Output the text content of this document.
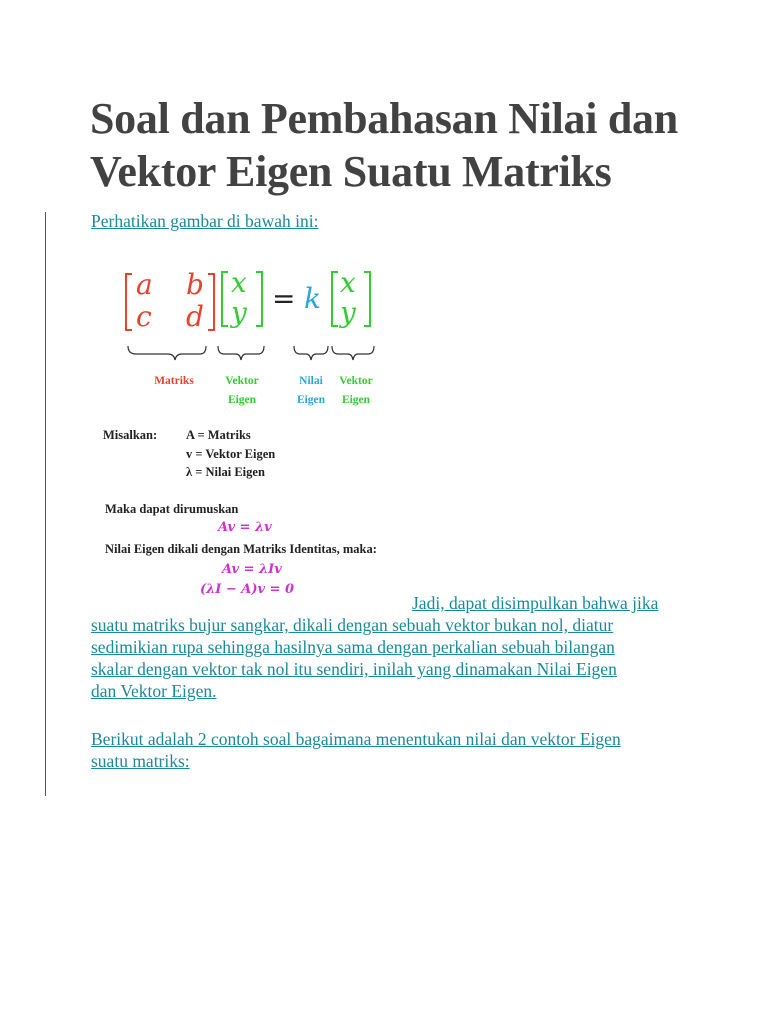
Soal dan Pembahasan Nilai dan Vektor Eigen Suatu Matriks
Perhatikan gambar di bawah ini:
a b
c d
x
y = k x
y
Matriks	Vektor
Eigen
Nilai
Eigen
Vektor
Eigen
Misalkan: A = Matriks
v = Vektor Eigen
λ = Nilai Eigen
Maka dapat dirumuskan
Av = λv
Nilai Eigen dikali dengan Matriks Identitas, maka:
Av = λIv
(λI − A)v = 0
Jadi, dapat disimpulkan bahwa jika
suatu matriks bujur sangkar, dikali dengan sebuah vektor bukan nol, diatur
sedimikian rupa sehingga hasilnya sama dengan perkalian sebuah bilangan
skalar dengan vektor tak nol itu sendiri, inilah yang dinamakan Nilai Eigen
dan Vektor Eigen.
Berikut adalah 2 contoh soal bagaimana menentukan nilai dan vektor Eigen
suatu matriks:
